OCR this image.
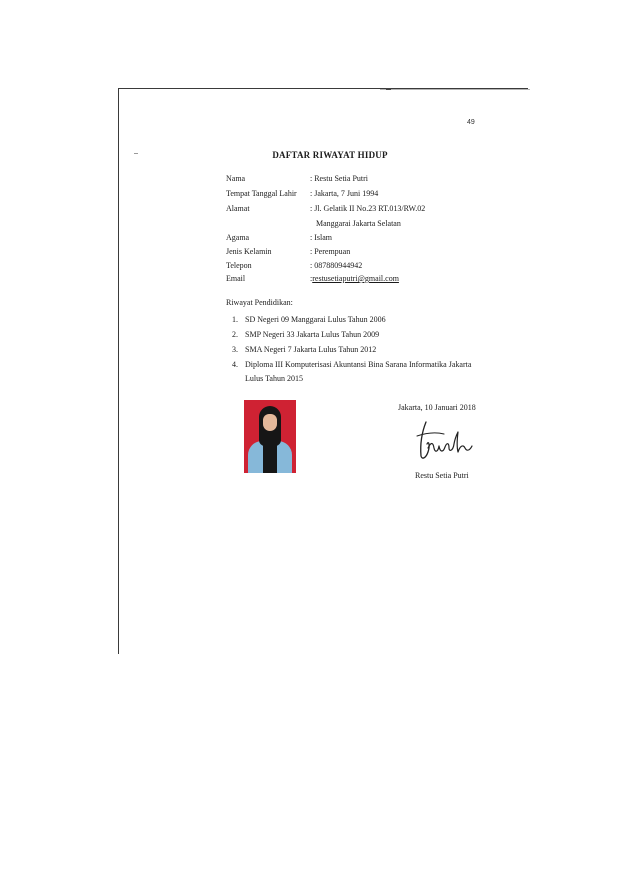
49
DAFTAR RIWAYAT HIDUP
Nama	: Restu Setia Putri
Tempat Tanggal Lahir : Jakarta, 7 Juni 1994
Alamat	: Jl. Gelatik II No.23 RT.013/RW.02
Manggarai Jakarta Selatan
Agama	: Islam
Jenis Kelamin	: Perempuan
Telepon	: 087880944942
Email	:restusetiaputri@gmail.com
Riwayat Pendidikan:
1. SD Negeri 09 Manggarai Lulus Tahun 2006
2. SMP Negeri 33 Jakarta Lulus Tahun 2009
3. SMA Negeri 7 Jakarta Lulus Tahun 2012
4. Diploma III Komputerisasi Akuntansi Bina Sarana Informatika Jakarta
Lulus Tahun 2015
Jakarta, 10 Januari 2018
Restu Setia Putri
